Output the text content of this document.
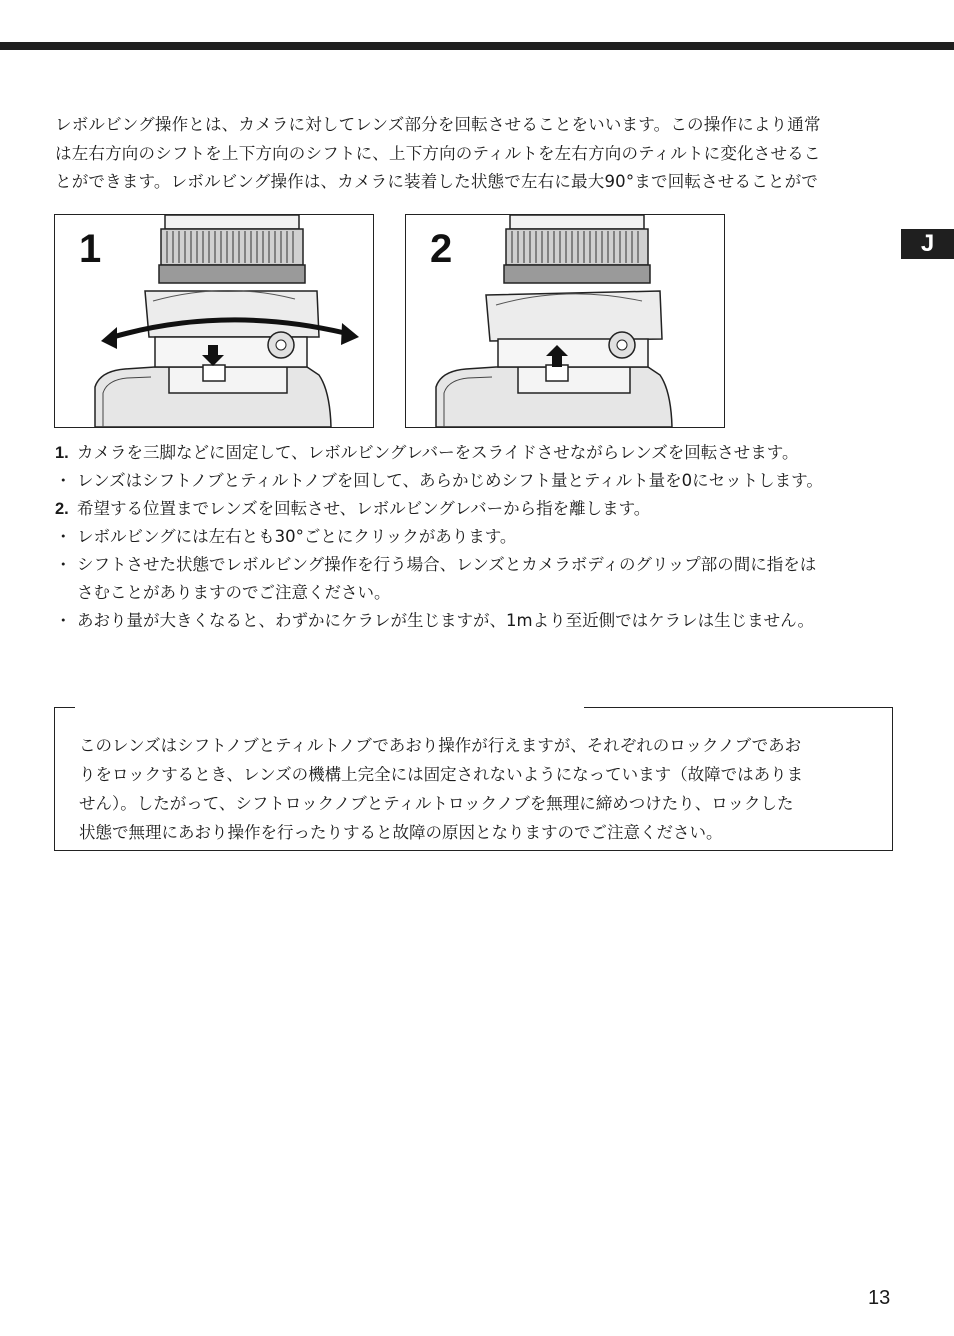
レボルビング操作とは、カメラに対してレンズ部分を回転させることをいいます。この操作により通常

は左右方向のシフトを上下方向のシフトに、上下方向のティルトを左右方向のティルトに変化させるこ

とができます。レボルビング操作は、カメラに装着した状態で左右に最大90°まで回転させることがで

J
1	2
1. カメラを三脚などに固定して、レボルビングレバーをスライドさせながらレンズを回転させます。
・ レンズはシフトノブとティルトノブを回して、あらかじめシフト量とティルト量を0にセットします。
2. 希望する位置までレンズを回転させ、レボルビングレバーから指を離します。
・ レボルビングには左右とも30°ごとにクリックがあります。
・ シフトさせた状態でレボルビング操作を行う場合、レンズとカメラボディのグリップ部の間に指をは
さむことがありますのでご注意ください。
・ あおり量が大きくなると、わずかにケラレが生じますが、1mより至近側ではケラレは生じません。

このレンズはシフトノブとティルトノブであおり操作が行えますが、それぞれのロックノブであお

りをロックするとき、レンズの機構上完全には固定されないようになっています（故障ではありま

せん）。したがって、シフトロックノブとティルトロックノブを無理に締めつけたり、ロックした

状態で無理にあおり操作を行ったりすると故障の原因となりますのでご注意ください。

13
